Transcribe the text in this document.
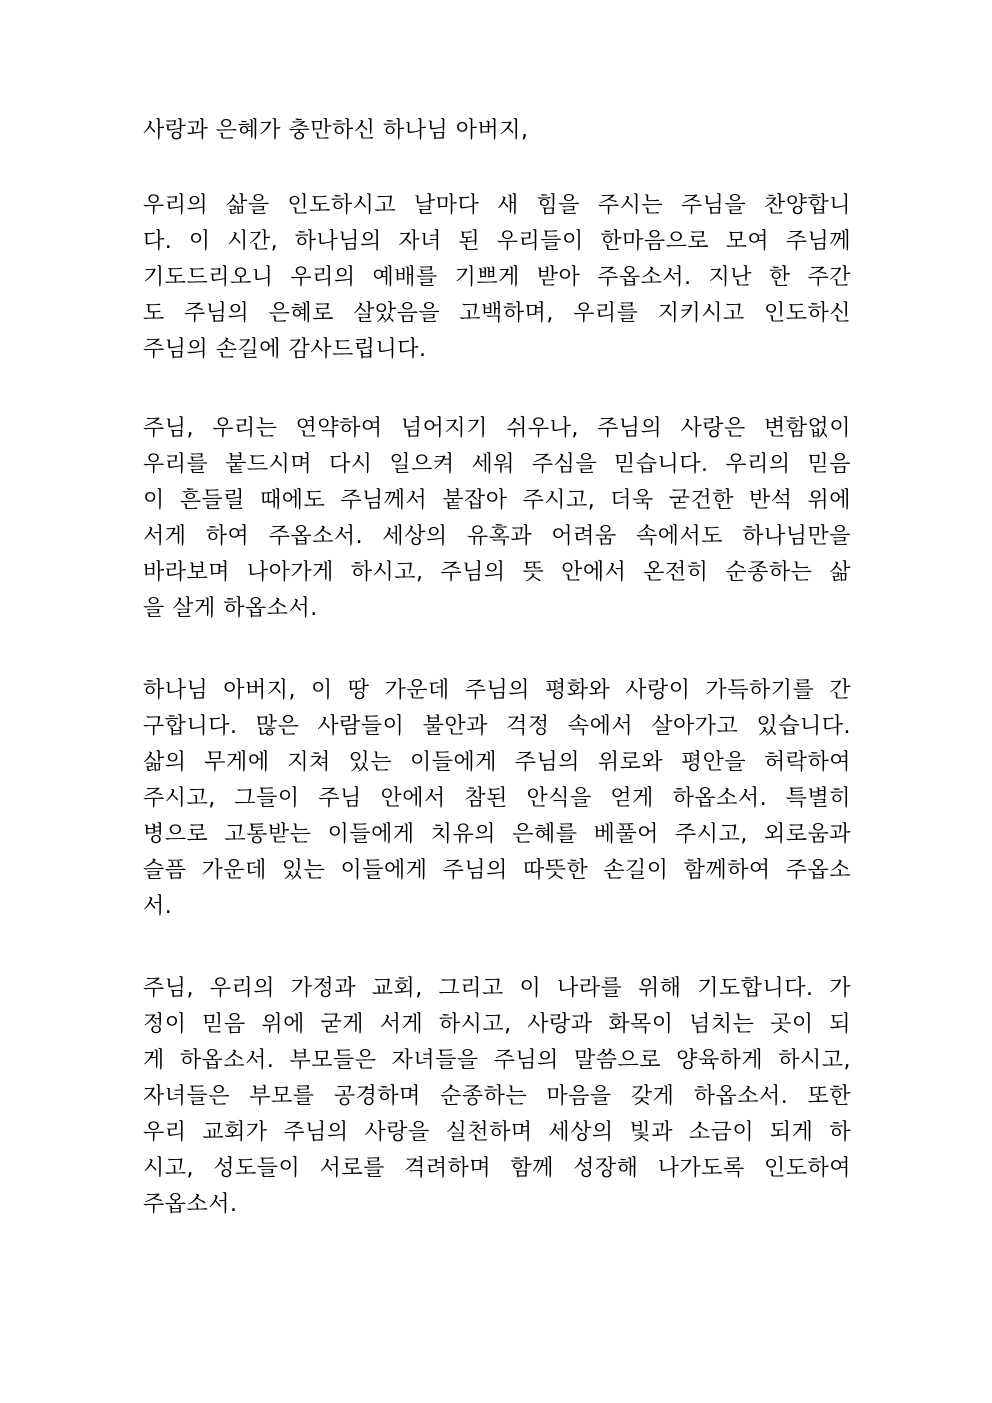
사랑과 은혜가 충만하신 하나님 아버지,
우리의 삶을 인도하시고 날마다 새 힘을 주시는 주님을 찬양합니
다. 이 시간, 하나님의 자녀 된 우리들이 한마음으로 모여 주님께
기도드리오니 우리의 예배를 기쁘게 받아 주옵소서. 지난 한 주간
도 주님의 은혜로 살았음을 고백하며, 우리를 지키시고 인도하신
주님의 손길에 감사드립니다.
주님, 우리는 연약하여 넘어지기 쉬우나, 주님의 사랑은 변함없이
우리를 붙드시며 다시 일으켜 세워 주심을 믿습니다. 우리의 믿음
이 흔들릴 때에도 주님께서 붙잡아 주시고, 더욱 굳건한 반석 위에
서게 하여 주옵소서. 세상의 유혹과 어려움 속에서도 하나님만을
바라보며 나아가게 하시고, 주님의 뜻 안에서 온전히 순종하는 삶
을 살게 하옵소서.
하나님 아버지, 이 땅 가운데 주님의 평화와 사랑이 가득하기를 간
구합니다. 많은 사람들이 불안과 걱정 속에서 살아가고 있습니다.
삶의 무게에 지쳐 있는 이들에게 주님의 위로와 평안을 허락하여
주시고, 그들이 주님 안에서 참된 안식을 얻게 하옵소서. 특별히
병으로 고통받는 이들에게 치유의 은혜를 베풀어 주시고, 외로움과
슬픔 가운데 있는 이들에게 주님의 따뜻한 손길이 함께하여 주옵소
서.
주님, 우리의 가정과 교회, 그리고 이 나라를 위해 기도합니다. 가
정이 믿음 위에 굳게 서게 하시고, 사랑과 화목이 넘치는 곳이 되
게 하옵소서. 부모들은 자녀들을 주님의 말씀으로 양육하게 하시고,
자녀들은 부모를 공경하며 순종하는 마음을 갖게 하옵소서. 또한
우리 교회가 주님의 사랑을 실천하며 세상의 빛과 소금이 되게 하
시고, 성도들이 서로를 격려하며 함께 성장해 나가도록 인도하여
주옵소서.
